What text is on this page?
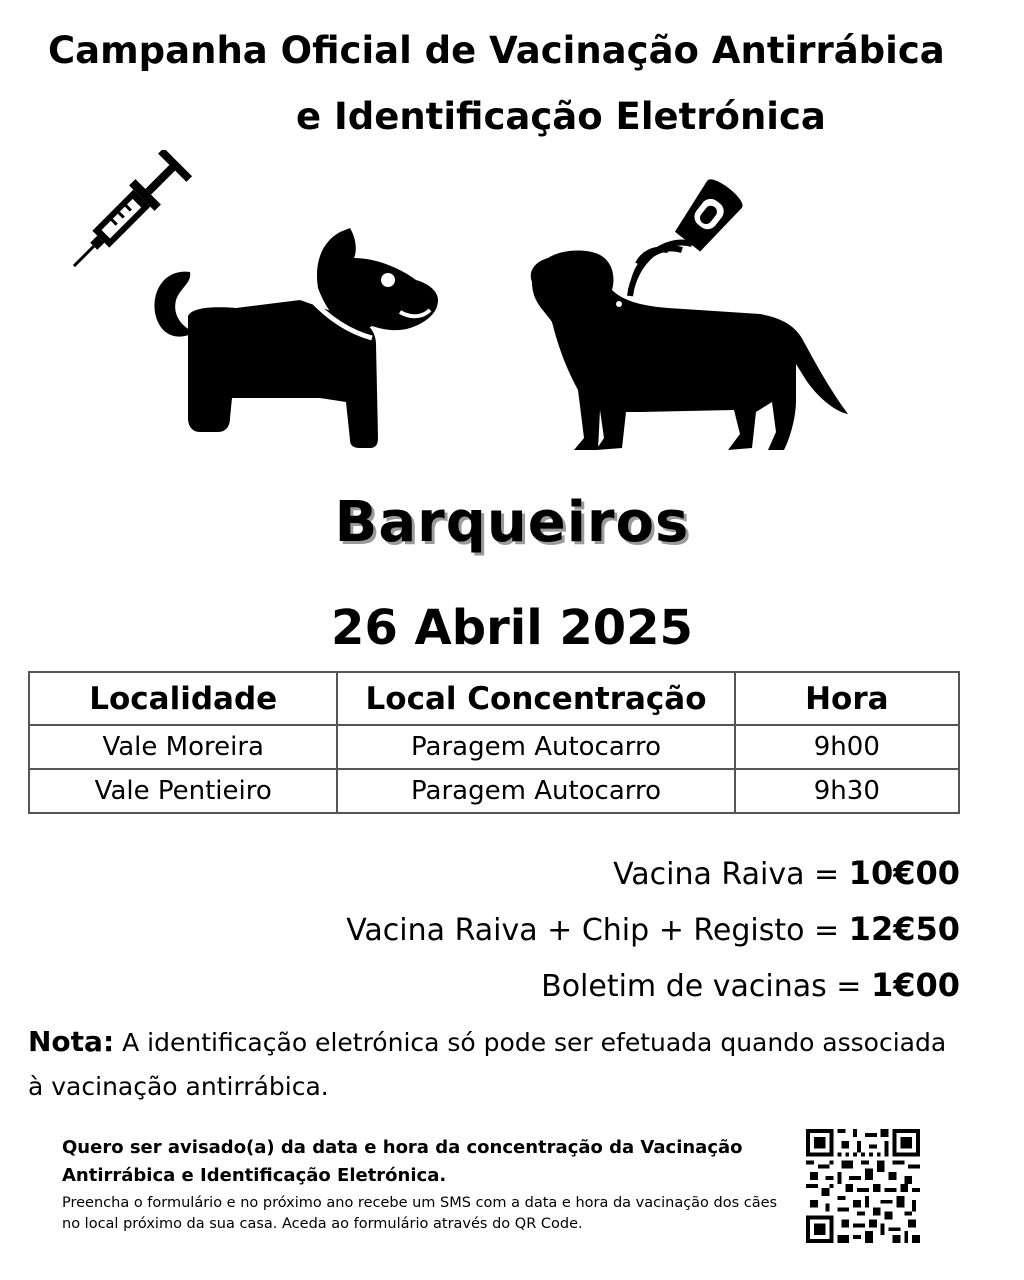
Campanha Oficial de Vacinação Antirrábica
e Identificação Eletrónica
Barqueiros
26 Abril 2025
Localidade	Local Concentração	Hora
Vale Moreira	Paragem Autocarro	9h00
Vale Pentieiro	Paragem Autocarro	9h30
Vacina Raiva = 10€00
Vacina Raiva + Chip + Registo = 12€50
Boletim de vacinas = 1€00
Nota: A identificação eletrónica só pode ser efetuada quando associada à vacinação antirrábica.
Quero ser avisado(a) da data e hora da concentração da Vacinação Antirrábica e Identificação Eletrónica.
Preencha o formulário e no próximo ano recebe um SMS com a data e hora da vacinação dos cães no local próximo da sua casa. Aceda ao formulário através do QR Code.
